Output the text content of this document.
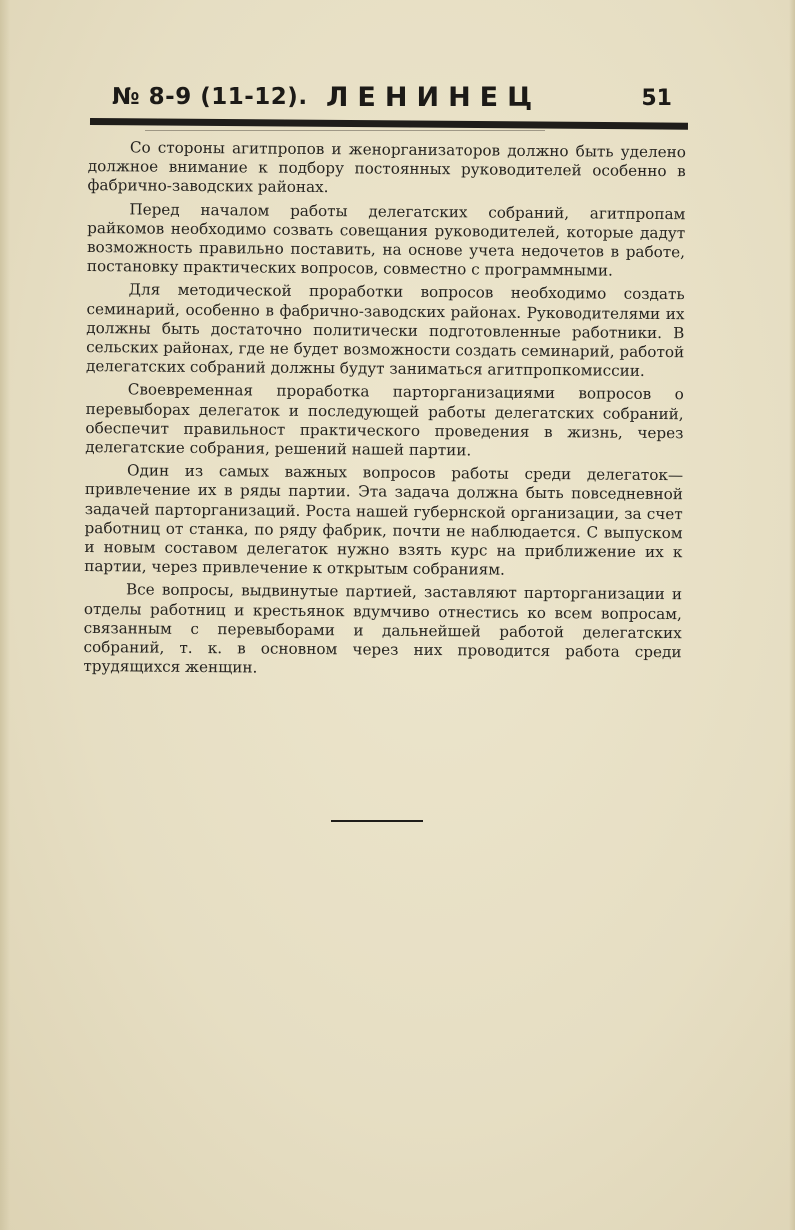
№ 8-9 (11-12). ЛЕНИНЕЦ	51

Со стороны агитпропов и женорганизаторов должно быть уделено должное внимание к подбору постоянных руководителей особенно в фабрично-заводских районах.

Перед началом работы делегатских собраний, агитпропам райкомов необходимо созвать совещания руководителей, которые дадут возможность правильно поставить, на основе учета недочетов в работе, постановку практических вопросов, совместно с программными.

Для методической проработки вопросов необходимо создать семинарий, особенно в фабрично-заводских районах. Руководителями их должны быть достаточно политически подготовленные работники. В сельских районах, где не будет возможности создать семинарий, работой делегатских собраний должны будут заниматься агитпропкомиссии.

Своевременная проработка парторганизациями вопросов о перевыборах делегаток и последующей работы делегатских собраний, обеспечит правильност практического проведения в жизнь, через делегатские собрания, решений нашей партии.

Один из самых важных вопросов работы среди делегаток— привлечение их в ряды партии. Эта задача должна быть повседневной задачей парторганизаций. Роста нашей губернской организации, за счет работниц от станка, по ряду фабрик, почти не наблюдается. С выпуском и новым составом делегаток нужно взять курс на приближение их к партии, через привлечение к открытым собраниям.

Все вопросы, выдвинутые партией, заставляют парторганизации и отделы работниц и крестьянок вдумчиво отнестись ко всем вопросам, связанным с перевыборами и дальнейшей работой делегатских собраний, т. к. в основном через них проводится работа среди трудящихся женщин.
